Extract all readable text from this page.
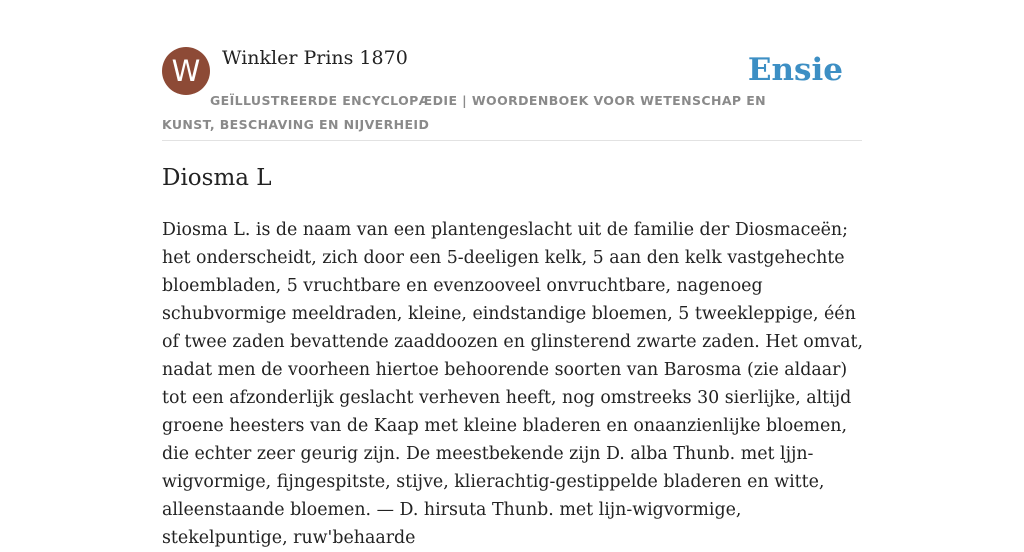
W	Winkler Prins 1870	Ensie
GEÏLLUSTREERDE ENCYCLOPÆDIE | WOORDENBOEK VOOR WETENSCHAP EN KUNST, BESCHAVING EN NIJVERHEID
Diosma L

Diosma L. is de naam van een plantengeslacht uit de familie der Diosmaceën; het onderscheidt, zich door een 5-deeligen kelk, 5 aan den kelk vastgehechte bloembladen, 5 vruchtbare en evenzooveel onvruchtbare, nagenoeg schubvormige meeldraden, kleine, eindstandige bloemen, 5 tweekleppige, één of twee zaden bevattende zaaddoozen en glinsterend zwarte zaden. Het omvat, nadat men de voorheen hiertoe behoorende soorten van Barosma (zie aldaar) tot een afzonderlijk geslacht verheven heeft, nog omstreeks 30 sierlijke, altijd groene heesters van de Kaap met kleine bladeren en onaanzienlijke bloemen, die echter zeer geurig zijn. De meestbekende zijn D. alba Thunb. met ljjn-wigvormige, fijngespitste, stijve, klierachtig-gestippelde bladeren en witte, alleenstaande bloemen. — D. hirsuta Thunb. met lijn-wigvormige, stekelpuntige, ruw'behaarde
